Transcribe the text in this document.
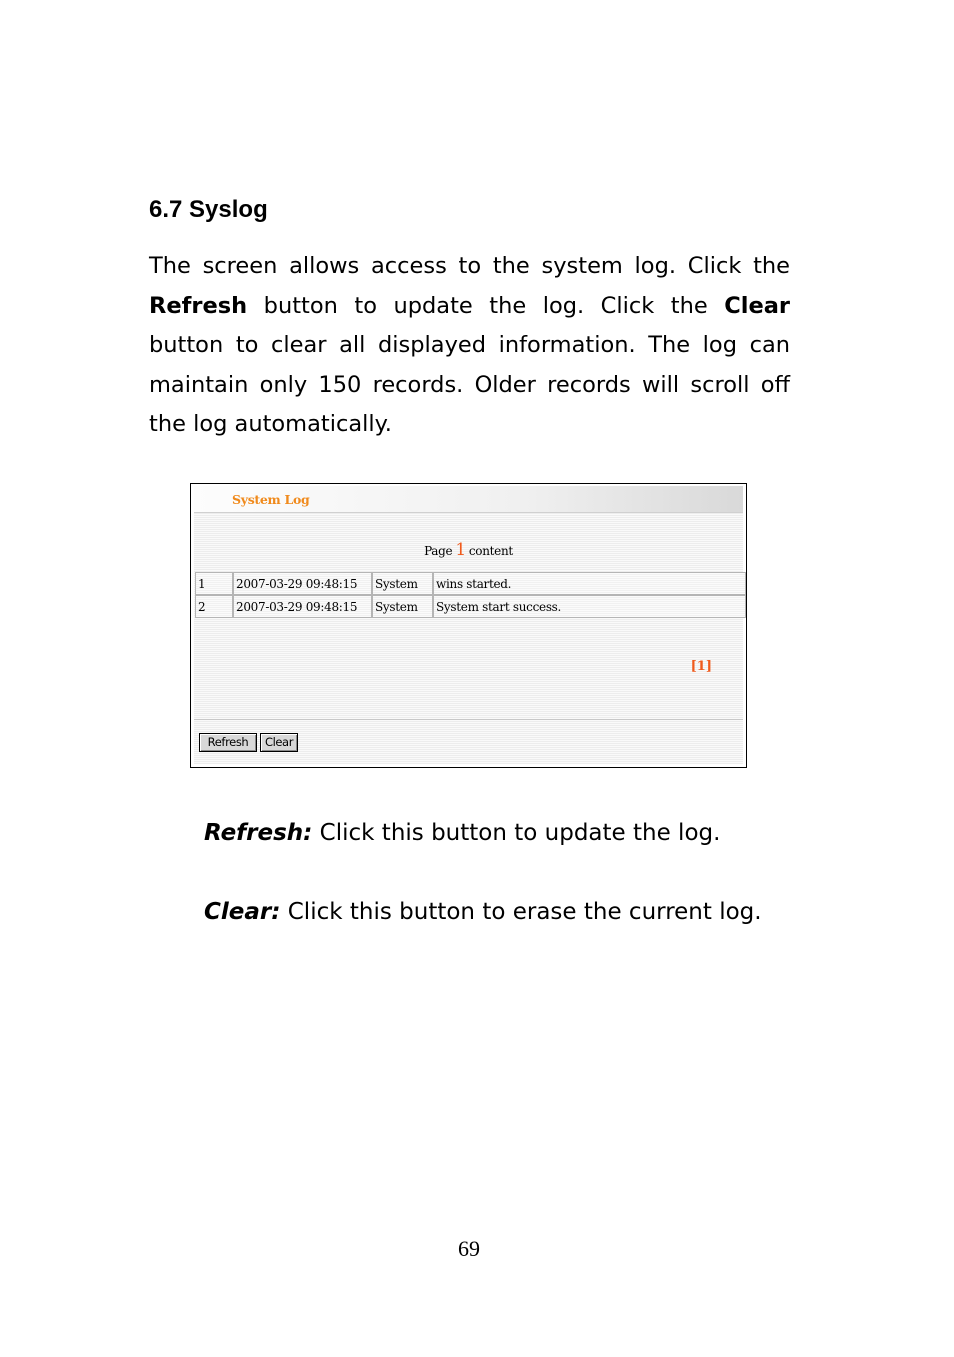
6.7 Syslog
The screen allows access to the system log. Click the Refresh button to update the log. Click the Clear button to clear all displayed information. The log can maintain only 150 records. Older records will scroll off the log automatically.
System Log
Page 1 content
1	2007-03-29 09:48:15	System	wins started.
2	2007-03-29 09:48:15	System	System start success.
[1]
Refresh	Clear
Refresh: Click this button to update the log.
Clear: Click this button to erase the current log.
69
